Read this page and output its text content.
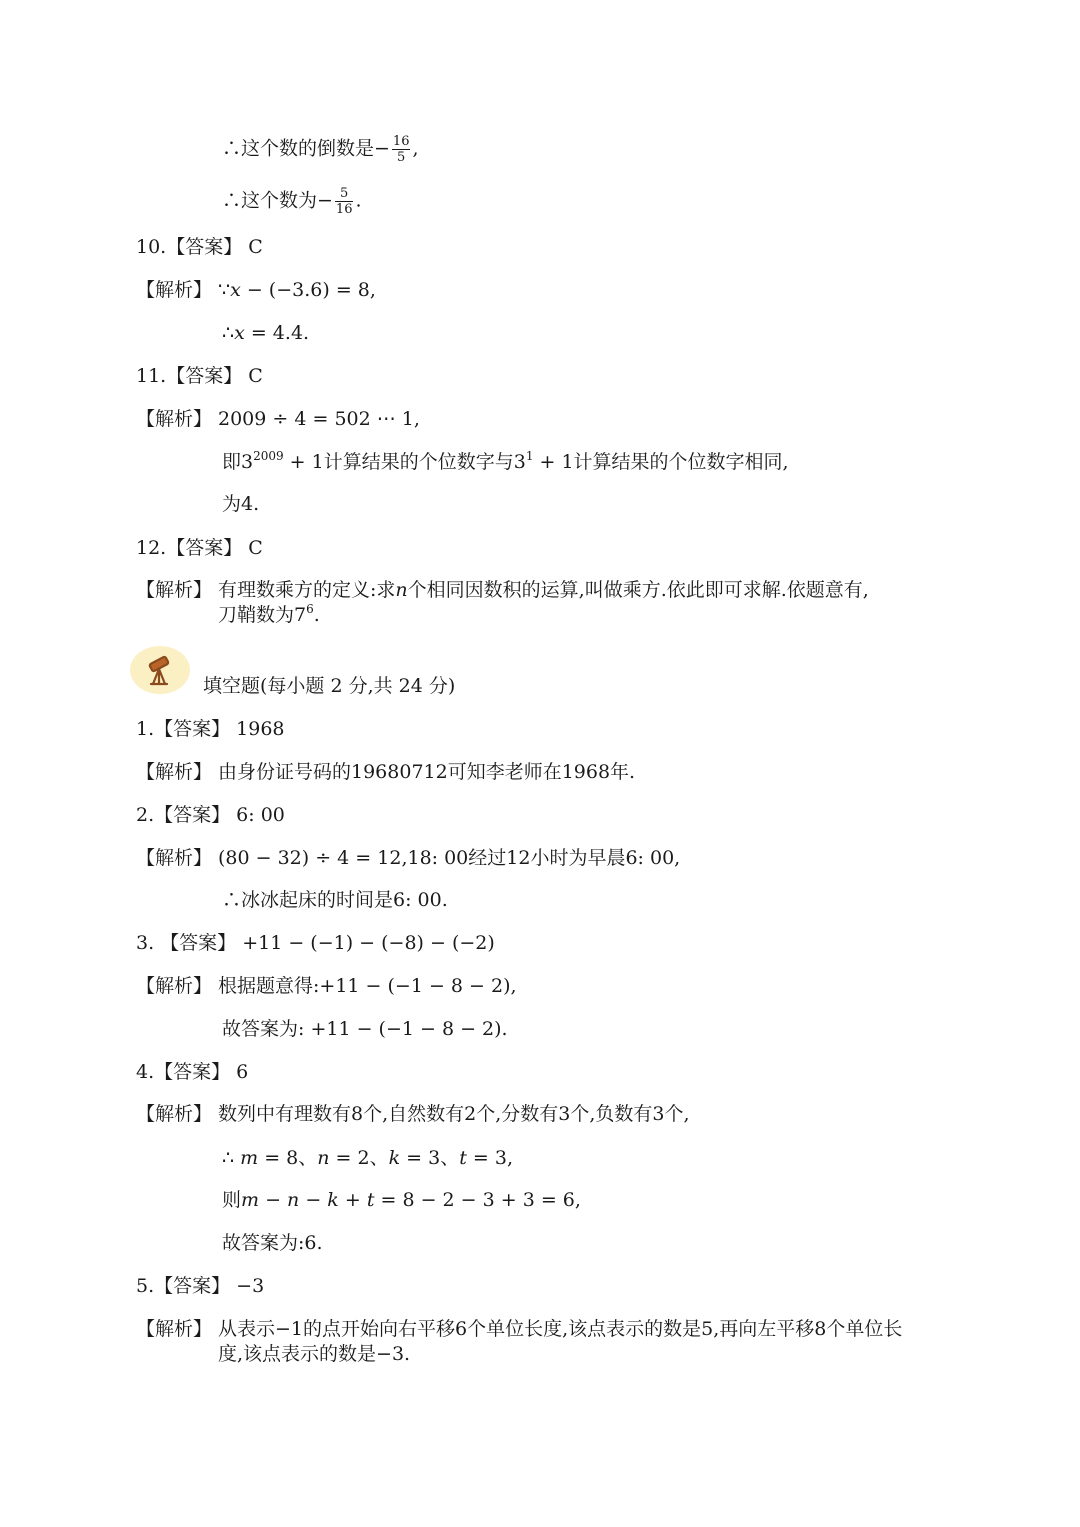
∴这个数的倒数是− $\frac{16}{5}$ ,
∴这个数为− $\frac{5}{16}$ .
10.【答案】 C
【解析】 ∵x − (−3.6) = 8,
∴x = 4.4.
11.【答案】 C
【解析】 2009 ÷ 4 = 502 ⋯ 1,
即$3^{2009} + 1$计算结果的个位数字与$3^1 + 1$计算结果的个位数字相同,
为4.
12.【答案】 C
【解析】 有理数乘方的定义:求n个相同因数积的运算,叫做乘方.依此即可求解.依题意有,
刀鞘数为$7^6$.
填空题(每小题 2 分,共 24 分)
1.【答案】 1968
【解析】 由身份证号码的19680712可知李老师在1968年.
2.【答案】 6: 00
【解析】 (80 − 32) ÷ 4 = 12,18: 00经过12小时为早晨6: 00,
∴冰冰起床的时间是6: 00.
3. 【答案】 +11 − (−1) − (−8) − (−2)
【解析】 根据题意得:+11 − (−1 − 8 − 2),
故答案为: +11 − (−1 − 8 − 2).
4.【答案】 6
【解析】 数列中有理数有8个,自然数有2个,分数有3个,负数有3个,
∴ m = 8、n = 2、k = 3、t = 3,
则m − n − k + t = 8 − 2 − 3 + 3 = 6,
故答案为:6.
5.【答案】 −3
【解析】 从表示−1的点开始向右平移6个单位长度,该点表示的数是5,再向左平移8个单位长
度,该点表示的数是−3.
